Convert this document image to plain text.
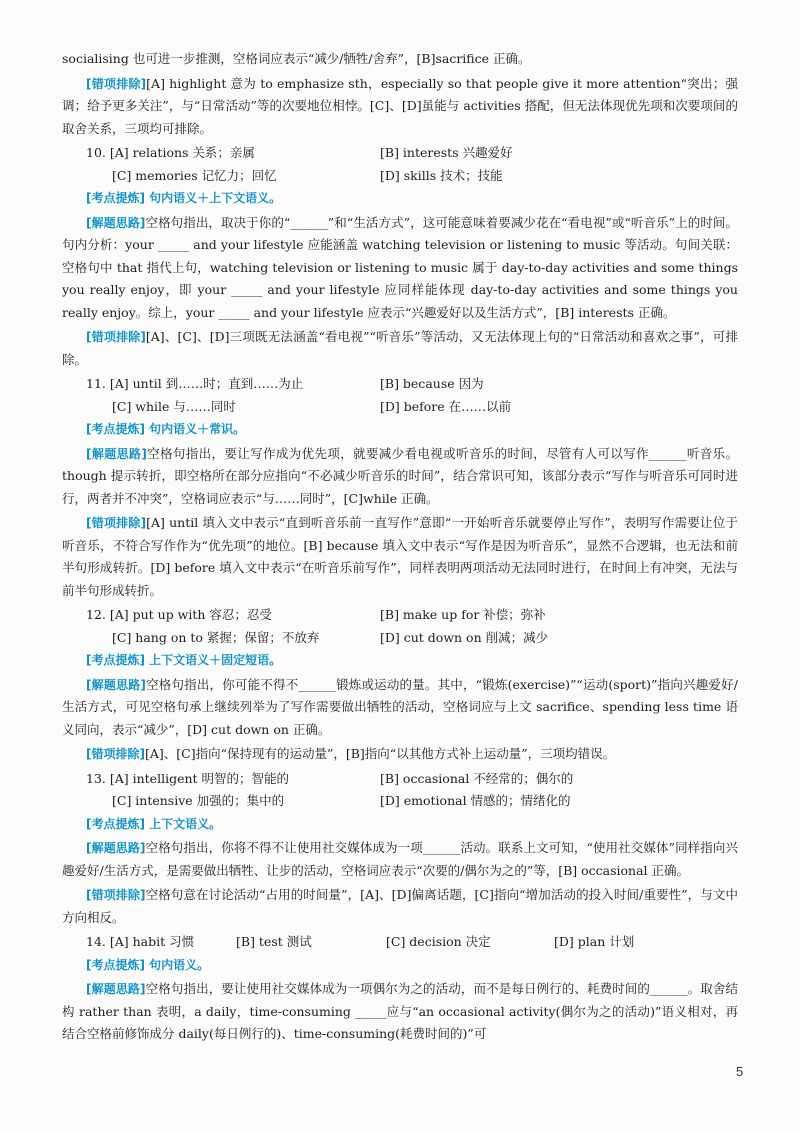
socialising 也可进一步推测，空格词应表示“减少/牺牲/舍弃”，[B]sacrifice 正确。

[错项排除][A] highlight 意为 to emphasize sth，especially so that people give it more attention“突出；强调；给予更多关注”，与“日常活动”等的次要地位相悖。[C]、[D]虽能与 activities 搭配，但无法体现优先项和次要项间的取舍关系，三项均可排除。

10. [A] relations 关系；亲属	[B] interests 兴趣爱好
[C] memories 记忆力；回忆	[D] skills 技术；技能

[考点提炼] 句内语义＋上下文语义。

[解题思路]空格句指出，取决于你的“______”和“生活方式”，这可能意味着要减少花在“看电视”或“听音乐”上的时间。句内分析：your _____ and your lifestyle 应能涵盖 watching television or listening to music 等活动。句间关联：空格句中 that 指代上句，watching television or listening to music 属于 day-to-day activities and some things you really enjoy，即 your _____ and your lifestyle 应同样能体现 day-to-day activities and some things you really enjoy。综上，your _____ and your lifestyle 应表示“兴趣爱好以及生活方式”，[B] interests 正确。

[错项排除][A]、[C]、[D]三项既无法涵盖“看电视”“听音乐”等活动，又无法体现上句的“日常活动和喜欢之事”，可排除。

11. [A] until 到……时；直到……为止	[B] because 因为
[C] while 与……同时	[D] before 在……以前

[考点提炼] 句内语义＋常识。

[解题思路]空格句指出，要让写作成为优先项，就要减少看电视或听音乐的时间，尽管有人可以写作______听音乐。though 提示转折，即空格所在部分应指向“不必减少听音乐的时间”，结合常识可知，该部分表示“写作与听音乐可同时进行，两者并不冲突”，空格词应表示“与……同时”，[C]while 正确。

[错项排除][A] until 填入文中表示“直到听音乐前一直写作”意即“一开始听音乐就要停止写作”，表明写作需要让位于听音乐，不符合写作作为“优先项”的地位。[B] because 填入文中表示“写作是因为听音乐”，显然不合逻辑，也无法和前半句形成转折。[D] before 填入文中表示“在听音乐前写作”，同样表明两项活动无法同时进行，在时间上有冲突，无法与前半句形成转折。

12. [A] put up with 容忍；忍受	[B] make up for 补偿；弥补
[C] hang on to 紧握；保留；不放弃	[D] cut down on 削减；减少

[考点提炼] 上下文语义＋固定短语。

[解题思路]空格句指出，你可能不得不______锻炼或运动的量。其中，“锻炼(exercise)”“运动(sport)”指向兴趣爱好/生活方式，可见空格句承上继续列举为了写作需要做出牺牲的活动，空格词应与上文 sacrifice、spending less time 语义同向，表示“减少”，[D] cut down on 正确。

[错项排除][A]、[C]指向“保持现有的运动量”，[B]指向“以其他方式补上运动量”，三项均错误。

13. [A] intelligent 明智的；智能的	[B] occasional 不经常的；偶尔的
[C] intensive 加强的；集中的	[D] emotional 情感的；情绪化的

[考点提炼] 上下文语义。

[解题思路]空格句指出，你将不得不让使用社交媒体成为一项______活动。联系上文可知，“使用社交媒体”同样指向兴趣爱好/生活方式，是需要做出牺牲、让步的活动，空格词应表示“次要的/偶尔为之的”等，[B] occasional 正确。

[错项排除]空格句意在讨论活动“占用的时间量”，[A]、[D]偏离话题，[C]指向“增加活动的投入时间/重要性”，与文中方向相反。

14. [A] habit 习惯	[B] test 测试	[C] decision 决定	[D] plan 计划

[考点提炼] 句内语义。

[解题思路]空格句指出，要让使用社交媒体成为一项偶尔为之的活动，而不是每日例行的、耗费时间的______。取舍结构 rather than 表明，a daily，time-consuming _____应与“an occasional activity(偶尔为之的活动)”语义相对，再结合空格前修饰成分 daily(每日例行的)、time-consuming(耗费时间的)”可

5
